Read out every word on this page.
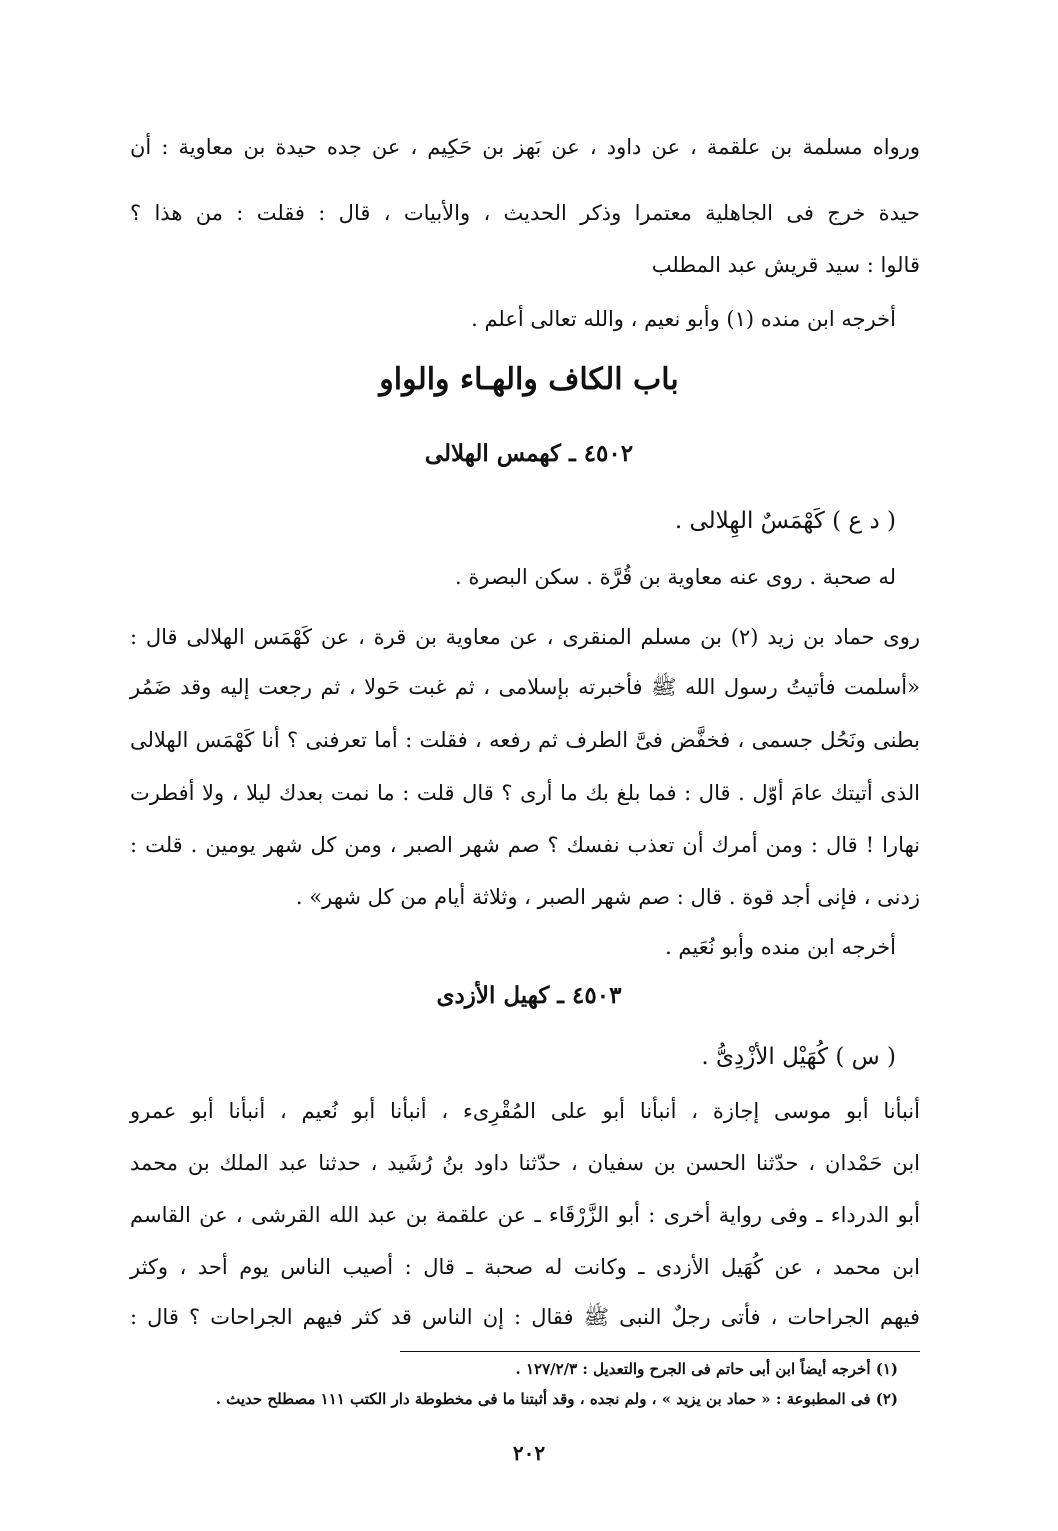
ورواه مسلمة بن علقمة ، عن داود ، عن بَهز بن حَكِيم ، عن جده حيدة بن معاوية : أن
حيدة خرج فى الجاهلية معتمرا وذكر الحديث ، والأبيات ، قال : فقلت : من هذا ؟
قالوا : سيد قريش عبد المطلب
أخرجه ابن منده (١) وأبو نعيم ، والله تعالى أعلم .
باب الكاف والهـاء والواو
٤٥٠٢ ـ كهمس الهلالى
( د ع ) كَهْمَسٌ الهِلالى .
له صحبة . روى عنه معاوية بن قُرَّة . سكن البصرة .
روى حماد بن زيد (٢) بن مسلم المنقرى ، عن معاوية بن قرة ، عن كَهْمَس الهلالى قال :
«أسلمت فأتيتُ رسول الله ﷺ فأخبرته بإسلامى ، ثم غبت حَولا ، ثم رجعت إليه وقد ضَمُر
بطنى ونَحُل جسمى ، فخفَّض فىَّ الطرف ثم رفعه ، فقلت : أما تعرفنى ؟ أنا كَهْمَس الهلالى
الذى أتيتك عامَ أوّل . قال : فما بلغ بك ما أرى ؟ قال قلت : ما نمت بعدك ليلا ، ولا أفطرت
نهارا ! قال : ومن أمرك أن تعذب نفسك ؟ صم شهر الصبر ، ومن كل شهر يومين . قلت :
زدنى ، فإنى أجد قوة . قال : صم شهر الصبر ، وثلاثة أيام من كل شهر» .
أخرجه ابن منده وأبو نُعَيم .
٤٥٠٣ ـ كهيل الأزدى
( س ) كُهَيْل الأزْدِىُّ .
أنبأنا أبو موسى إجازة ، أنبأنا أبو على المُقْرِىء ، أنبأنا أبو نُعيم ، أنبأنا أبو عمرو
ابن حَمْدان ، حدّثنا الحسن بن سفيان ، حدّثنا داود بنُ رُشَيد ، حدثنا عبد الملك بن محمد
أبو الدرداء ـ وفى رواية أخرى : أبو الزَّرْقَاء ـ عن علقمة بن عبد الله القرشى ، عن القاسم
ابن محمد ، عن كُهَيل الأزدى ـ وكانت له صحبة ـ قال : أصيب الناس يوم أحد ، وكثر
فيهم الجراحات ، فأتى رجلٌ النبى ﷺ فقال : إن الناس قد كثر فيهم الجراحات ؟ قال :
(١) أخرجه أيضاً ابن أبى حاتم فى الجرح والتعديل : ١٢٧/٢/٣ .
(٢) فى المطبوعة : « حماد بن يزيد » ، ولم نجده ، وقد أثبتنا ما فى مخطوطة دار الكتب ١١١ مصطلح حديث .
٢٠٢
